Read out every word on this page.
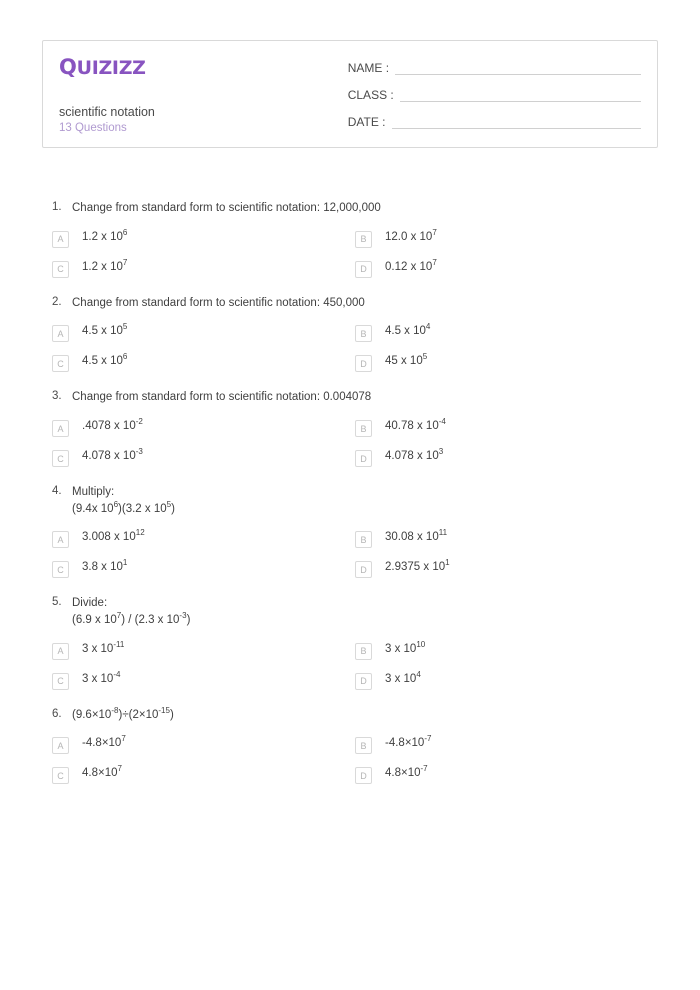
QUIZIZZ
scientific notation
13 Questions
NAME :
CLASS :
DATE :
1. Change from standard form to scientific notation: 12,000,000
A	1.2 x $10^6$
B	12.0 x $10^7$
C	1.2 x $10^7$
D	0.12 x $10^7$
2. Change from standard form to scientific notation: 450,000
A	4.5 x $10^5$
B	4.5 x $10^4$
C	4.5 x $10^6$
D	45 x $10^5$
3. Change from standard form to scientific notation: 0.004078
A	.4078 x $10^{-2}$
B	40.78 x $10^{-4}$
C	4.078 x $10^{-3}$
D	4.078 x $10^3$
4. Multiply:
(9.4x $10^6)(3.2$ x $10^5$)
A	3.008 x $10^{12}$
B	30.08 x $10^{11}$
C	3.8 x $10^1$
D	2.9375 x $10^1$
5. Divide:
(6.9 x $10^7) / (2.3$ x $10^{-3}$)
A	3 x $10^{-11}$
B	3 x $10^{10}$
C	3 x $10^{-4}$
D	3 x $10^4$
6. $(9.6\times 10^{-8})\div(2\times 10^{-15})$
A	$-4.8\times 10^7$
B	$-4.8\times 10^{-7}$
C	$4.8\times 10^7$
D	$4.8\times 10^{-7}$
